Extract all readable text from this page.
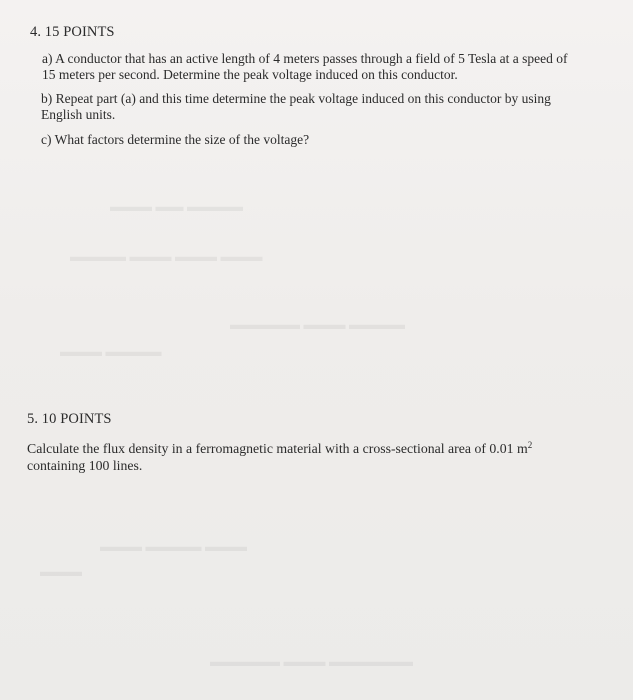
▬▬▬ ▬▬ ▬▬▬▬
▬▬▬▬ ▬▬▬ ▬▬▬ ▬▬▬
▬▬▬▬▬ ▬▬▬ ▬▬▬▬
▬▬▬ ▬▬▬▬
▬▬▬ ▬▬▬▬ ▬▬▬
▬▬▬
▬▬▬▬▬ ▬▬▬ ▬▬▬▬▬▬
4. 15 POINTS
a) A conductor that has an active length of 4 meters passes through a field of 5 Tesla at a speed of 15 meters per second. Determine the peak voltage induced on this conductor.
b) Repeat part (a) and this time determine the peak voltage induced on this conductor by using English units.
c) What factors determine the size of the voltage?
5. 10 POINTS
Calculate the flux density in a ferromagnetic material with a cross-sectional area of 0.01 $m^2$ containing 100 lines.
